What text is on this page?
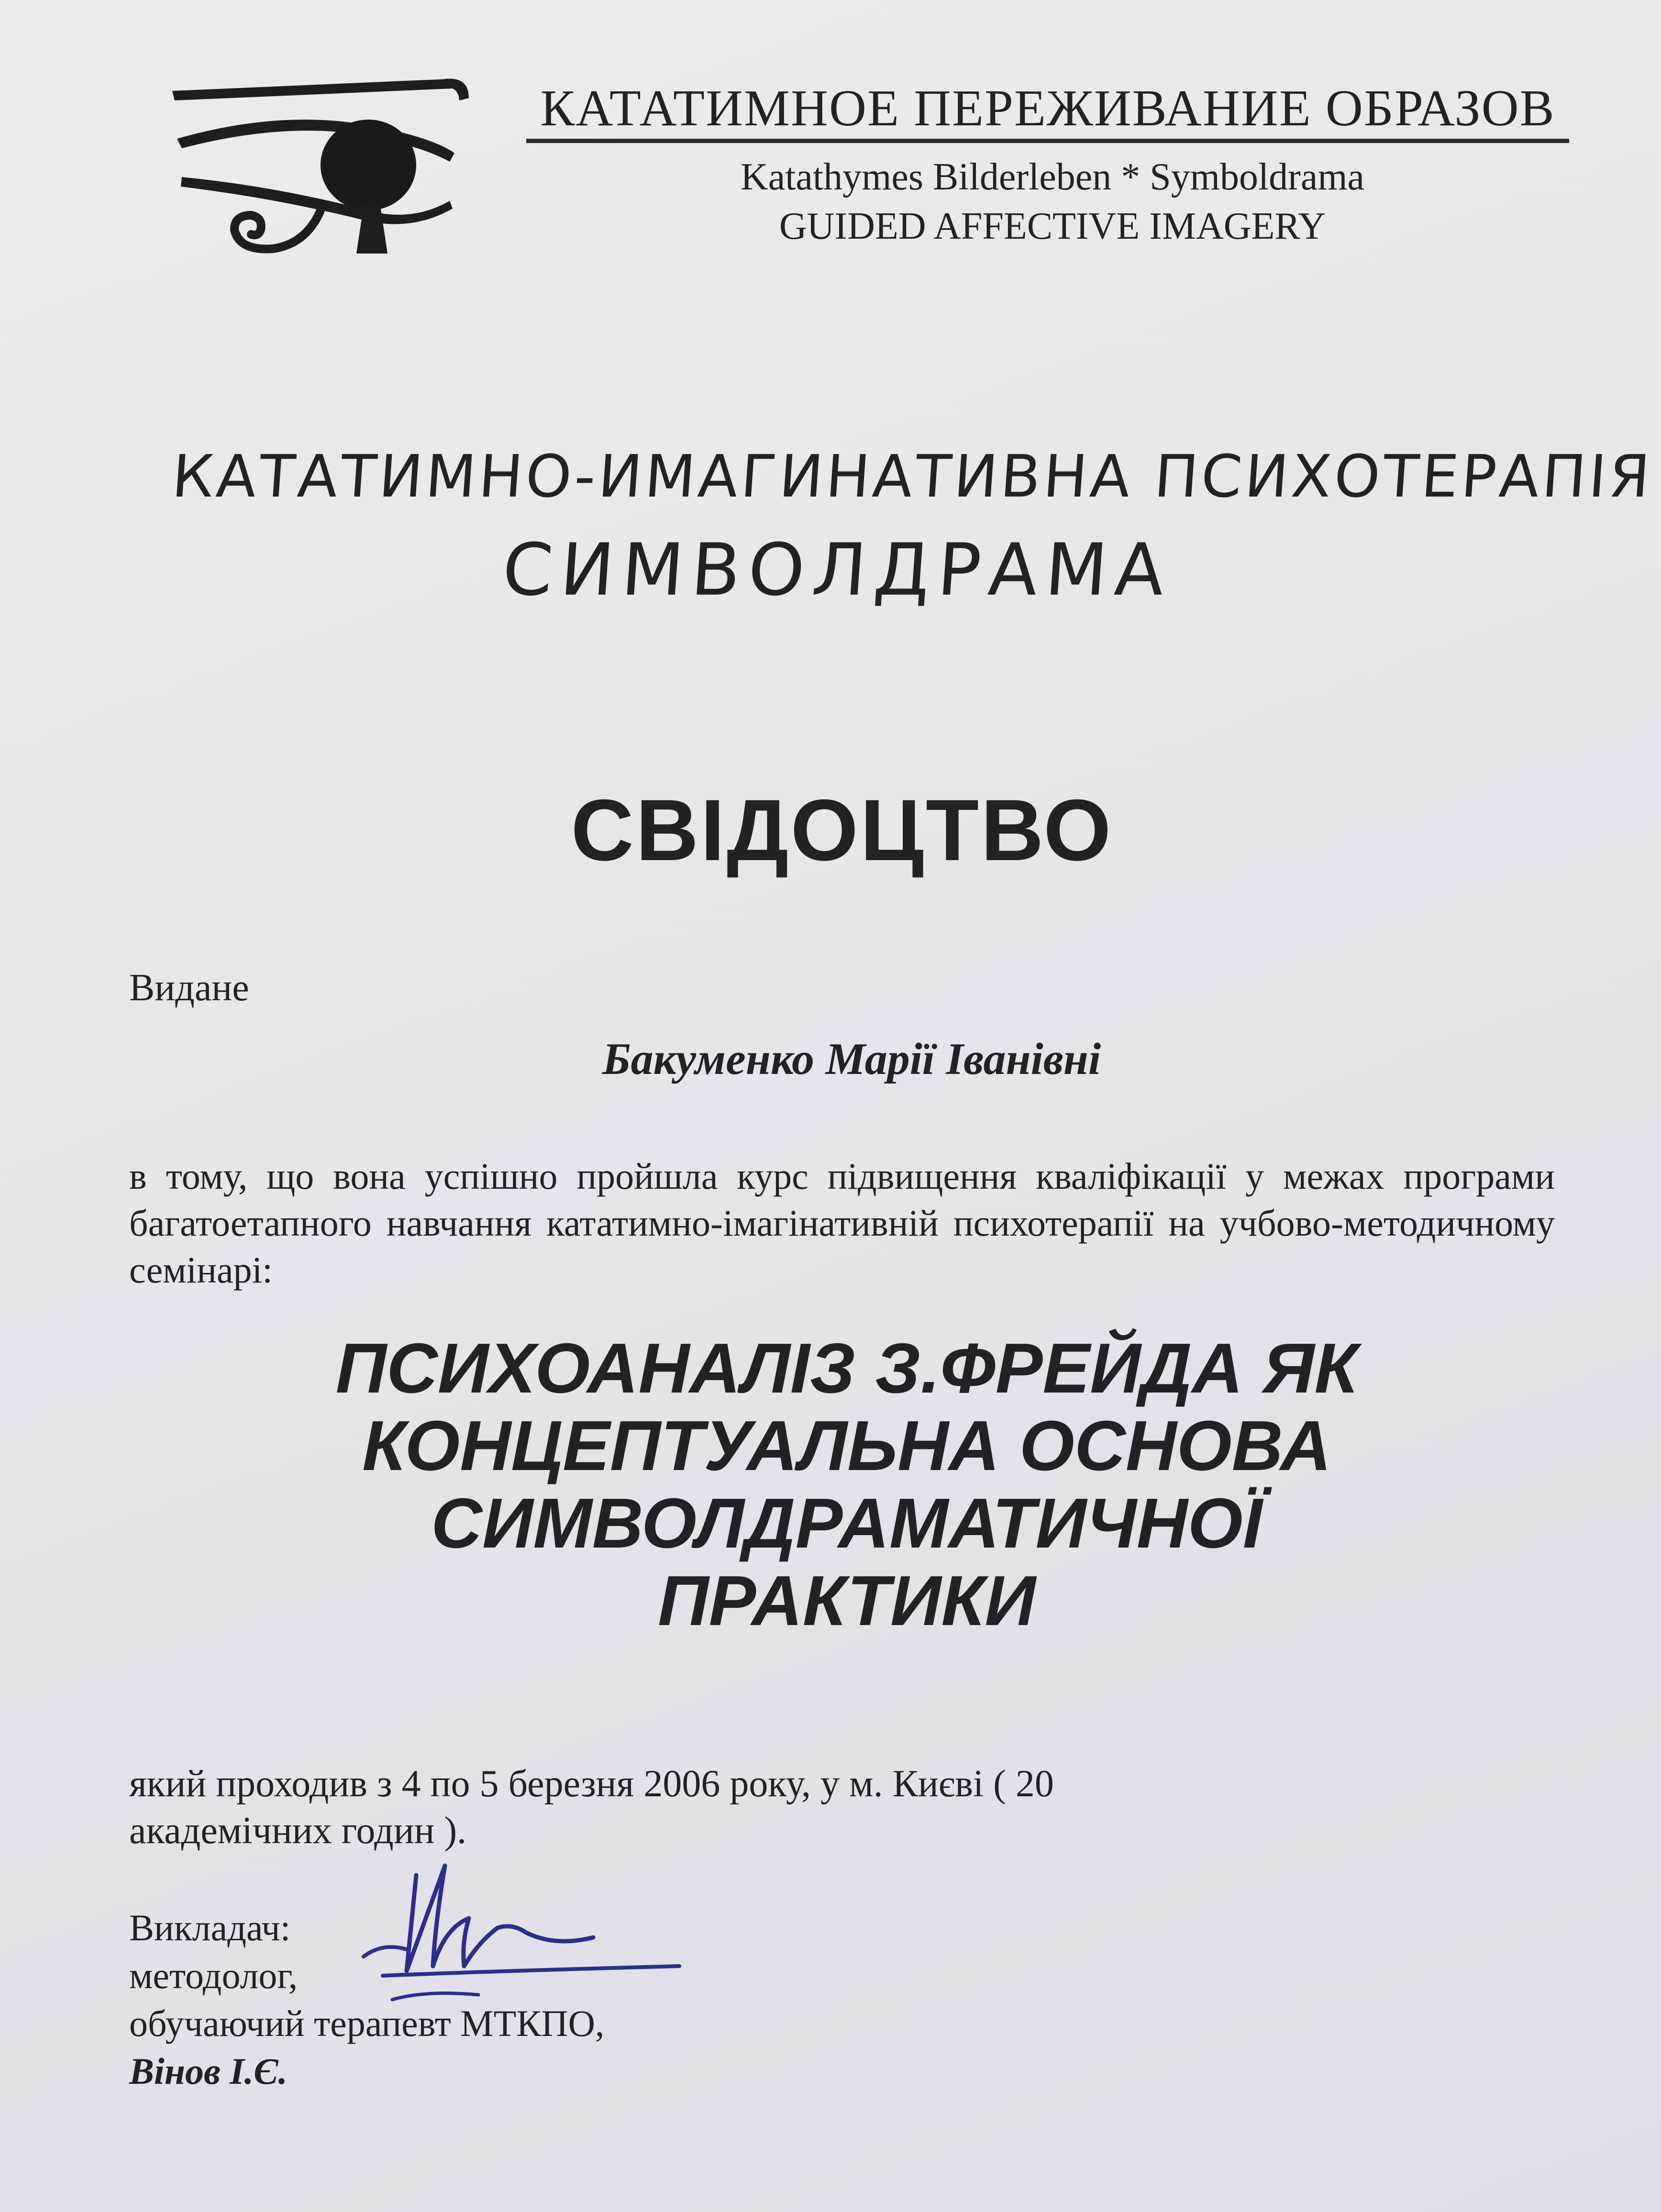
КАТАТИМНОЕ ПЕРЕЖИВАНИЕ ОБРАЗОВ
Katathymes Bilderleben * Symboldrama
GUIDED AFFECTIVE IMAGERY
КАТАТИМНО-ИМАГИНАТИВНА ПСИХОТЕРАПІЯ
СИМВОЛДРАМА
СВІДОЦТВО
Видане
Бакуменко Марії Іванівні
в тому, що вона успішно пройшла курс підвищення кваліфікації у межах програми багатоетапного навчання кататимно-імагінативній психотерапії на учбово-методичному семінарі:
ПСИХОАНАЛІЗ З.ФРЕЙДА ЯК
КОНЦЕПТУАЛЬНА ОСНОВА
СИМВОЛДРАМАТИЧНОЇ
ПРАКТИКИ
який проходив з 4 по 5 березня 2006 року, у м. Києві ( 20
академічних годин ).
Викладач:
методолог,
обучаючий терапевт МТКПО,
Вінов І.Є.
